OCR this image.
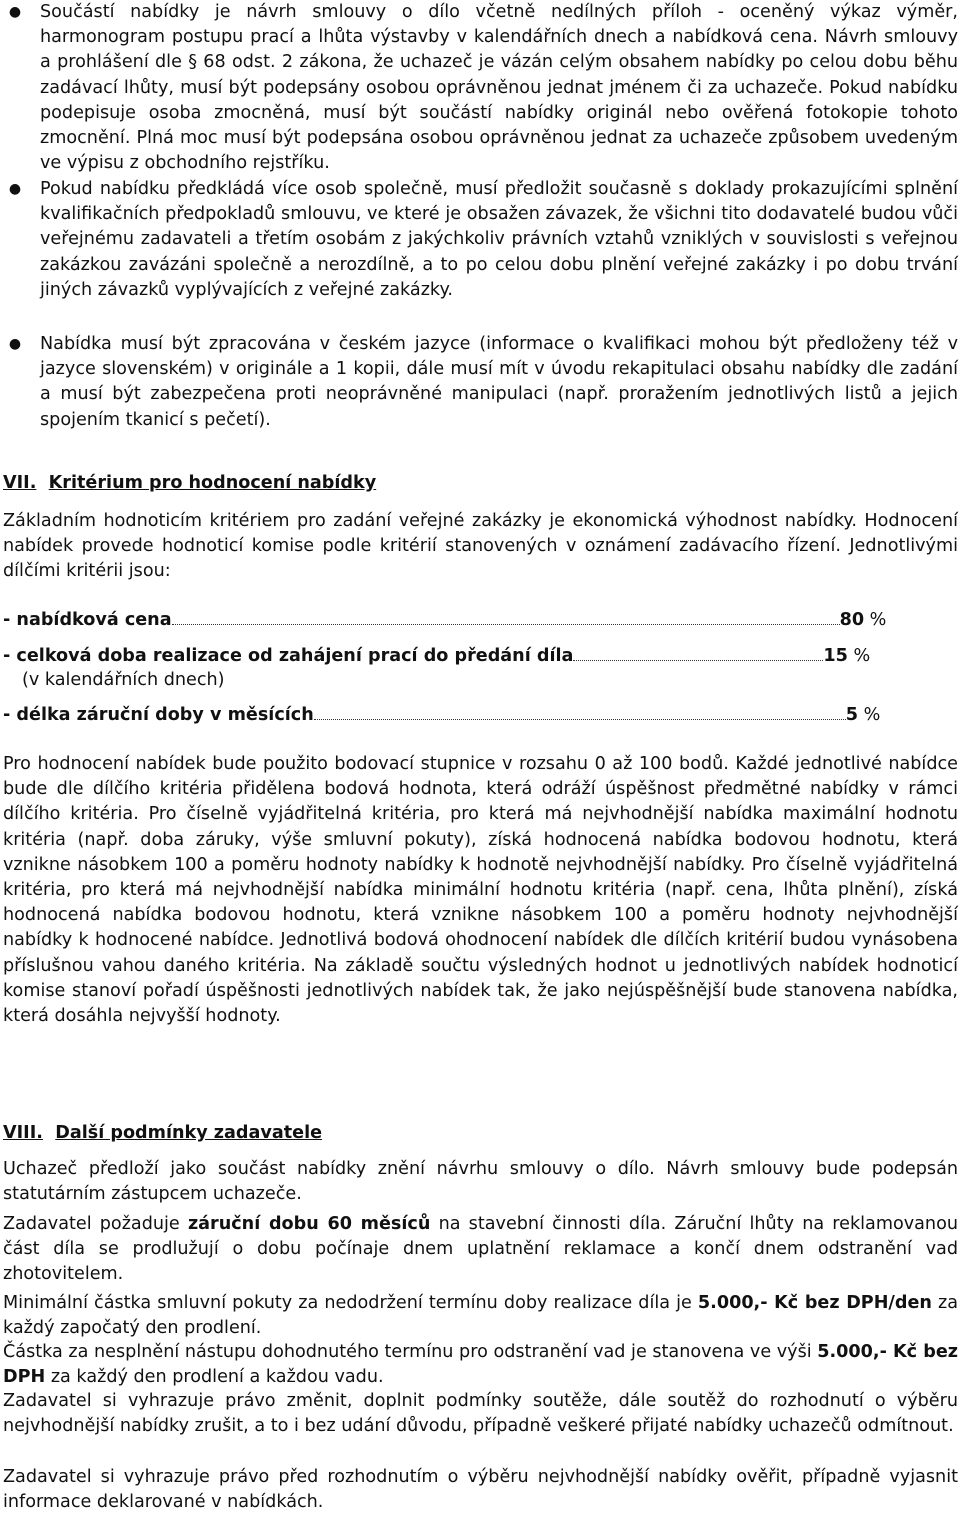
● Součástí nabídky je návrh smlouvy o dílo včetně nedílných příloh - oceněný výkaz výměr, harmonogram postupu prací a lhůta výstavby v kalendářních dnech a nabídková cena. Návrh smlouvy a prohlášení dle § 68 odst. 2 zákona, že uchazeč je vázán celým obsahem nabídky po celou dobu běhu zadávací lhůty, musí být podepsány osobou oprávněnou jednat jménem či za uchazeče. Pokud nabídku podepisuje osoba zmocněná, musí být součástí nabídky originál nebo ověřená fotokopie tohoto zmocnění. Plná moc musí být podepsána osobou oprávněnou jednat za uchazeče způsobem uvedeným ve výpisu z obchodního rejstříku.

● Pokud nabídku předkládá více osob společně, musí předložit současně s doklady prokazujícími splnění kvalifikačních předpokladů smlouvu, ve které je obsažen závazek, že všichni tito dodavatelé budou vůči veřejnému zadavateli a třetím osobám z jakýchkoliv právních vztahů vzniklých v souvislosti s veřejnou zakázkou zavázáni společně a nerozdílně, a to po celou dobu plnění veřejné zakázky i po dobu trvání jiných závazků vyplývajících z veřejné zakázky.

● Nabídka musí být zpracována v českém jazyce (informace o kvalifikaci mohou být předloženy též v jazyce slovenském) v originále a 1 kopii, dále musí mít v úvodu rekapitulaci obsahu nabídky dle zadání a musí být zabezpečena proti neoprávněné manipulaci (např. proražením jednotlivých listů a jejich spojením tkanicí s pečetí).

VII. Kritérium pro hodnocení nabídky

Základním hodnoticím kritériem pro zadání veřejné zakázky je ekonomická výhodnost nabídky. Hodnocení nabídek provede hodnoticí komise podle kritérií stanovených v oznámení zadávacího řízení. Jednotlivými dílčími kritérii jsou:

- nabídková cena	80 %
- celková doba realizace od zahájení prací do předání díla	15 %
(v kalendářních dnech)
- délka záruční doby v měsících	5 %

Pro hodnocení nabídek bude použito bodovací stupnice v rozsahu 0 až 100 bodů. Každé jednotlivé nabídce bude dle dílčího kritéria přidělena bodová hodnota, která odráží úspěšnost předmětné nabídky v rámci dílčího kritéria. Pro číselně vyjádřitelná kritéria, pro která má nejvhodnější nabídka maximální hodnotu kritéria (např. doba záruky, výše smluvní pokuty), získá hodnocená nabídka bodovou hodnotu, která vznikne násobkem 100 a poměru hodnoty nabídky k hodnotě nejvhodnější nabídky. Pro číselně vyjádřitelná kritéria, pro která má nejvhodnější nabídka minimální hodnotu kritéria (např. cena, lhůta plnění), získá hodnocená nabídka bodovou hodnotu, která vznikne násobkem 100 a poměru hodnoty nejvhodnější nabídky k hodnocené nabídce. Jednotlivá bodová ohodnocení nabídek dle dílčích kritérií budou vynásobena příslušnou vahou daného kritéria. Na základě součtu výsledných hodnot u jednotlivých nabídek hodnoticí komise stanoví pořadí úspěšnosti jednotlivých nabídek tak, že jako nejúspěšnější bude stanovena nabídka, která dosáhla nejvyšší hodnoty.

VIII. Další podmínky zadavatele

Uchazeč předloží jako součást nabídky znění návrhu smlouvy o dílo. Návrh smlouvy bude podepsán statutárním zástupcem uchazeče.

Zadavatel požaduje záruční dobu 60 měsíců na stavební činnosti díla. Záruční lhůty na reklamovanou část díla se prodlužují o dobu počínaje dnem uplatnění reklamace a končí dnem odstranění vad zhotovitelem.

Minimální částka smluvní pokuty za nedodržení termínu doby realizace díla je 5.000,- Kč bez DPH/den za každý započatý den prodlení.

Částka za nesplnění nástupu dohodnutého termínu pro odstranění vad je stanovena ve výši 5.000,- Kč bez DPH za každý den prodlení a každou vadu.

Zadavatel si vyhrazuje právo změnit, doplnit podmínky soutěže, dále soutěž do rozhodnutí o výběru nejvhodnější nabídky zrušit, a to i bez udání důvodu, případně veškeré přijaté nabídky uchazečů odmítnout.

Zadavatel si vyhrazuje právo před rozhodnutím o výběru nejvhodnější nabídky ověřit, případně vyjasnit informace deklarované v nabídkách.
